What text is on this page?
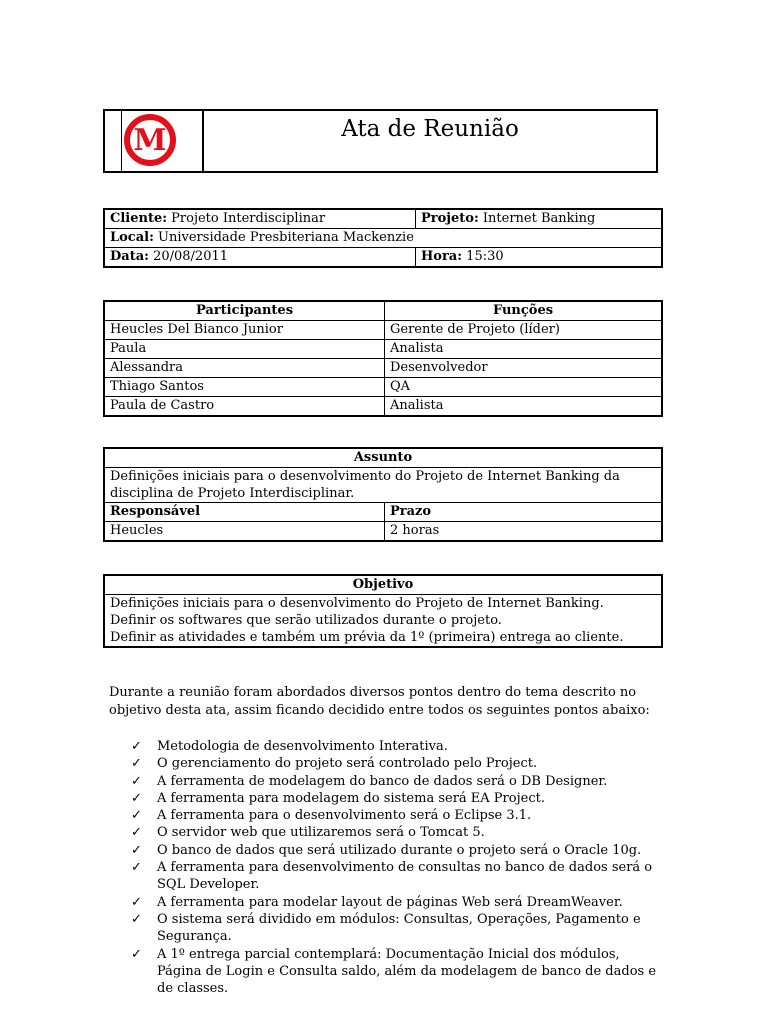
M	Ata de Reunião
Cliente: Projeto Interdisciplinar	Projeto: Internet Banking
Local: Universidade Presbiteriana Mackenzie	
Data: 20/08/2011	Hora: 15:30
Participantes	Funções
Heucles Del Bianco Junior	Gerente de Projeto (líder)
Paula	Analista
Alessandra	Desenvolvedor
Thiago Santos	QA
Paula de Castro	Analista
Assunto	
Definições iniciais para o desenvolvimento do Projeto de Internet Banking da disciplina de Projeto Interdisciplinar.	
Responsável	Prazo
Heucles	2 horas
Objetivo

Definições iniciais para o desenvolvimento do Projeto de Internet Banking.
Definir os softwares que serão utilizados durante o projeto.
Definir as atividades e também um prévia da 1º (primeira) entrega ao cliente.
Durante a reunião foram abordados diversos pontos dentro do tema descrito no objetivo desta ata, assim ficando decidido entre todos os seguintes pontos abaixo:
✓ Metodologia de desenvolvimento Interativa.
✓ O gerenciamento do projeto será controlado pelo Project.
✓ A ferramenta de modelagem do banco de dados será o DB Designer.
✓ A ferramenta para modelagem do sistema será EA Project.
✓ A ferramenta para o desenvolvimento será o Eclipse 3.1.
✓ O servidor web que utilizaremos será o Tomcat 5.
✓ O banco de dados que será utilizado durante o projeto será o Oracle 10g.
✓ A ferramenta para desenvolvimento de consultas no banco de dados será o SQL Developer.
✓ A ferramenta para modelar layout de páginas Web será DreamWeaver.
✓ O sistema será dividido em módulos: Consultas, Operações, Pagamento e Segurança.
✓ A 1º entrega parcial contemplará: Documentação Inicial dos módulos, Página de Login e Consulta saldo, além da modelagem de banco de dados e de classes.
